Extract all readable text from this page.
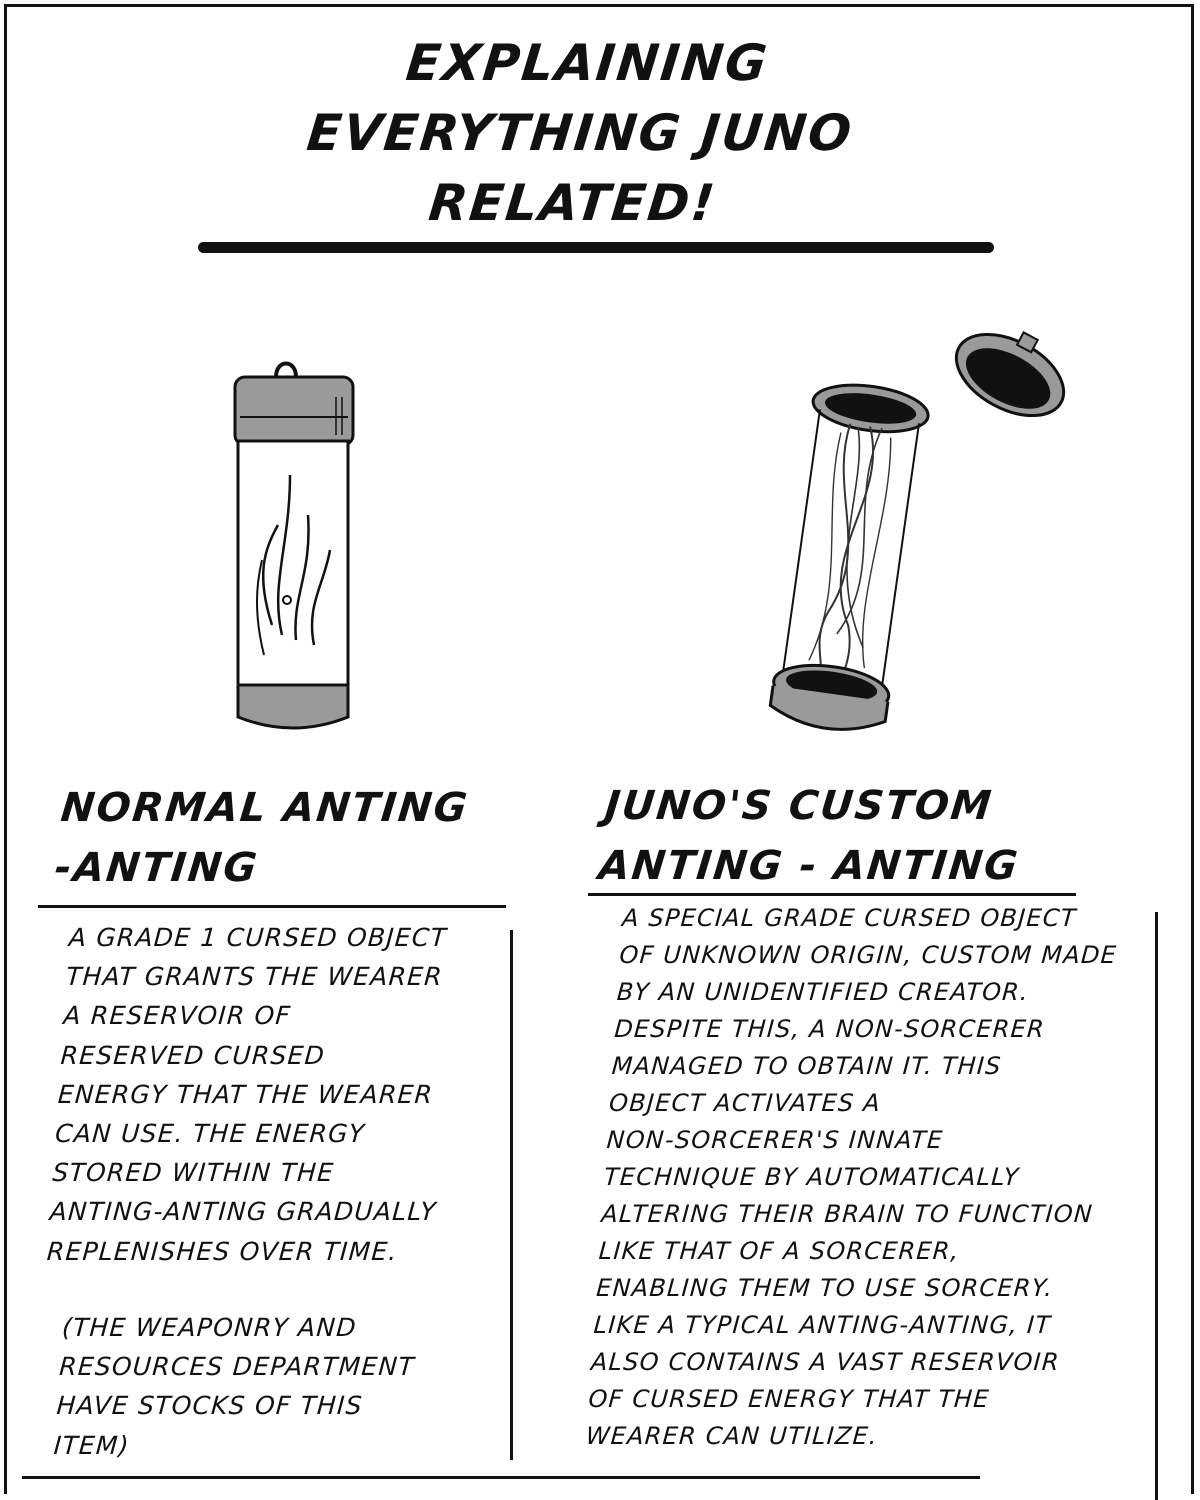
EXPLAINING
EVERYTHING JUNO
RELATED!
NORMAL ANTING
-ANTING
A GRADE 1 CURSED OBJECT
THAT GRANTS THE WEARER
A RESERVOIR OF
RESERVED CURSED
ENERGY THAT THE WEARER
CAN USE. THE ENERGY
STORED WITHIN THE
ANTING-ANTING GRADUALLY
REPLENISHES OVER TIME.
(THE WEAPONRY AND
RESOURCES DEPARTMENT
HAVE STOCKS OF THIS
ITEM)
JUNO'S CUSTOM
ANTING - ANTING
A SPECIAL GRADE CURSED OBJECT
OF UNKNOWN ORIGIN, CUSTOM MADE
BY AN UNIDENTIFIED CREATOR.
DESPITE THIS, A NON-SORCERER
MANAGED TO OBTAIN IT. THIS
OBJECT ACTIVATES A
NON-SORCERER'S INNATE
TECHNIQUE BY AUTOMATICALLY
ALTERING THEIR BRAIN TO FUNCTION
LIKE THAT OF A SORCERER,
ENABLING THEM TO USE SORCERY.
LIKE A TYPICAL ANTING-ANTING, IT
ALSO CONTAINS A VAST RESERVOIR
OF CURSED ENERGY THAT THE
WEARER CAN UTILIZE.
